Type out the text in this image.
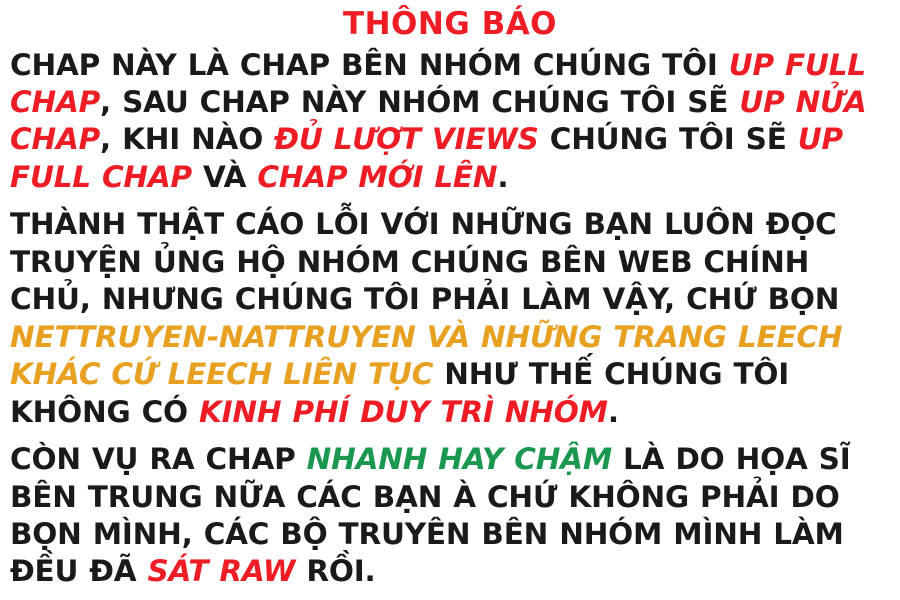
THÔNG BÁO
CHAP NÀY LÀ CHAP BÊN NHÓM CHÚNG TÔI UP FULL CHAP, SAU CHAP NÀY NHÓM CHÚNG TÔI SẼ UP NỬA CHAP, KHI NÀO ĐỦ LƯỢT VIEWS CHÚNG TÔI SẼ UP FULL CHAP VÀ CHAP MỚI LÊN.
THÀNH THẬT CÁO LỖI VỚI NHỮNG BẠN LUÔN ĐỌC TRUYỆN ỦNG HỘ NHÓM CHÚNG BÊN WEB CHÍNH CHỦ, NHƯNG CHÚNG TÔI PHẢI LÀM VẬY, CHỨ BỌN NETTRUYEN-NATTRUYEN VÀ NHỮNG TRANG LEECH KHÁC CỨ LEECH LIÊN TỤC NHƯ THẾ CHÚNG TÔI KHÔNG CÓ KINH PHÍ DUY TRÌ NHÓM.
CÒN VỤ RA CHAP NHANH HAY CHẬM LÀ DO HỌA SĨ BÊN TRUNG NỮA CÁC BẠN À CHỨ KHÔNG PHẢI DO BỌN MÌNH, CÁC BỘ TRUYÊN BÊN NHÓM MÌNH LÀM ĐỀU ĐÃ SÁT RAW RỒI.
